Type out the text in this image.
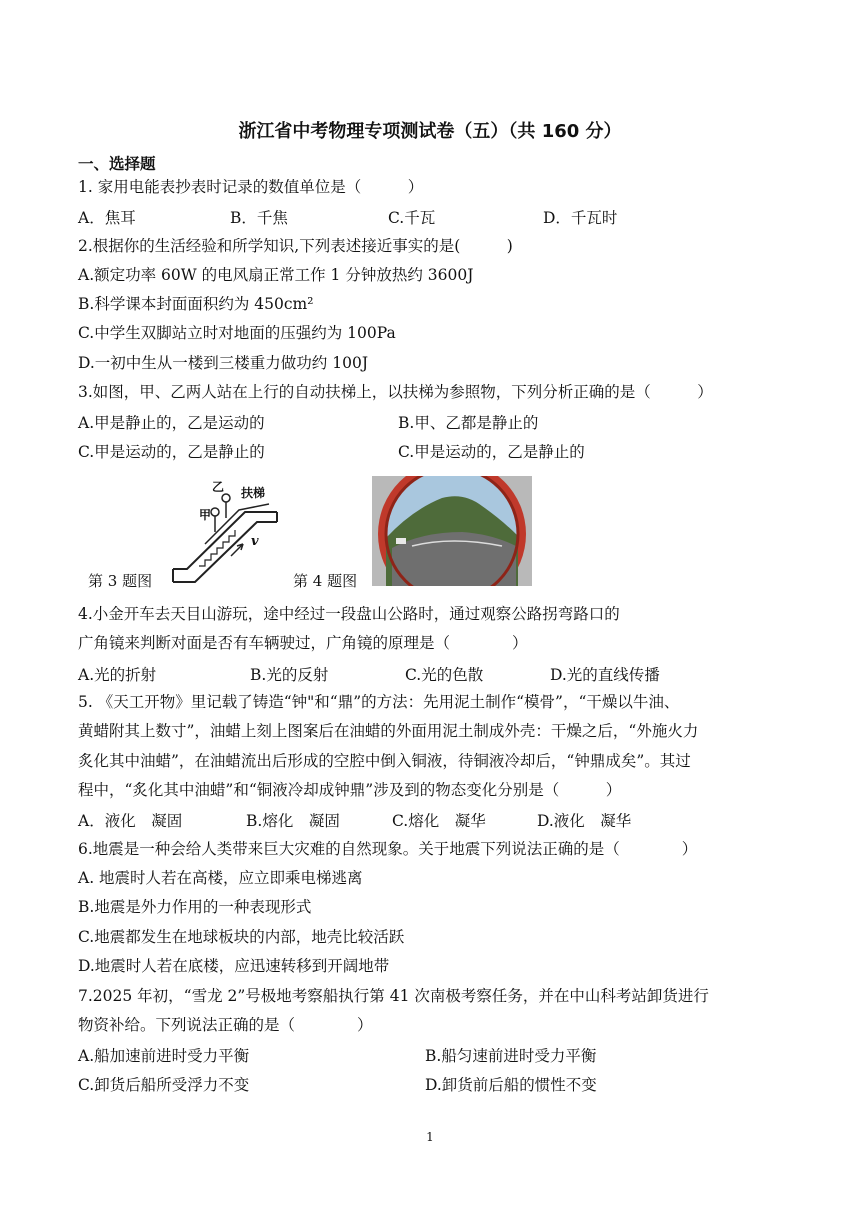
浙江省中考物理专项测试卷（五）（共 160 分）
一、选择题
1. 家用电能表抄表时记录的数值单位是（　　　）
A．焦耳	B．千焦	C.千瓦	D．千瓦时
2.根据你的生活经验和所学知识,下列表述接近事实的是(　　　)
A.额定功率 60W 的电风扇正常工作 1 分钟放热约 3600J
B.科学课本封面面积约为 450cm²
C.中学生双脚站立时对地面的压强约为 100Pa
D.一初中生从一楼到三楼重力做功约 100J
3.如图，甲、乙两人站在上行的自动扶梯上，以扶梯为参照物，下列分析正确的是（　　　）
A.甲是静止的，乙是运动的	B.甲、乙都是静止的
C.甲是运动的，乙是静止的	C.甲是运动的，乙是静止的
乙
甲
扶梯
v
第 3 题图	第 4 题图
4.小金开车去天目山游玩，途中经过一段盘山公路时，通过观察公路拐弯路口的
广角镜来判断对面是否有车辆驶过，广角镜的原理是（　　　　）
A.光的折射	B.光的反射	C.光的色散	D.光的直线传播
5. 《天工开物》里记载了铸造“钟"和“鼎”的方法：先用泥土制作“模骨”，“干燥以牛油、
黄蜡附其上数寸”，油蜡上刻上图案后在油蜡的外面用泥土制成外壳：干燥之后，“外施火力
炙化其中油蜡”，在油蜡流出后形成的空腔中倒入铜液，待铜液冷却后，“钟鼎成矣”。其过
程中，“炙化其中油蜡”和“铜液冷却成钟鼎”涉及到的物态变化分别是（　　　）
A．液化　凝固	B.熔化　凝固	C.熔化　凝华	D.液化　凝华
6.地震是一种会给人类带来巨大灾难的自然现象。关于地震下列说法正确的是（　　　　）
A. 地震时人若在高楼，应立即乘电梯逃离
B.地震是外力作用的一种表现形式
C.地震都发生在地球板块的内部，地壳比较活跃
D.地震时人若在底楼，应迅速转移到开阔地带
7.2025 年初，“雪龙 2”号极地考察船执行第 41 次南极考察任务，并在中山科考站卸货进行
物资补给。下列说法正确的是（　　　　）
A.船加速前进时受力平衡	B.船匀速前进时受力平衡
C.卸货后船所受浮力不变	D.卸货前后船的惯性不变
1
